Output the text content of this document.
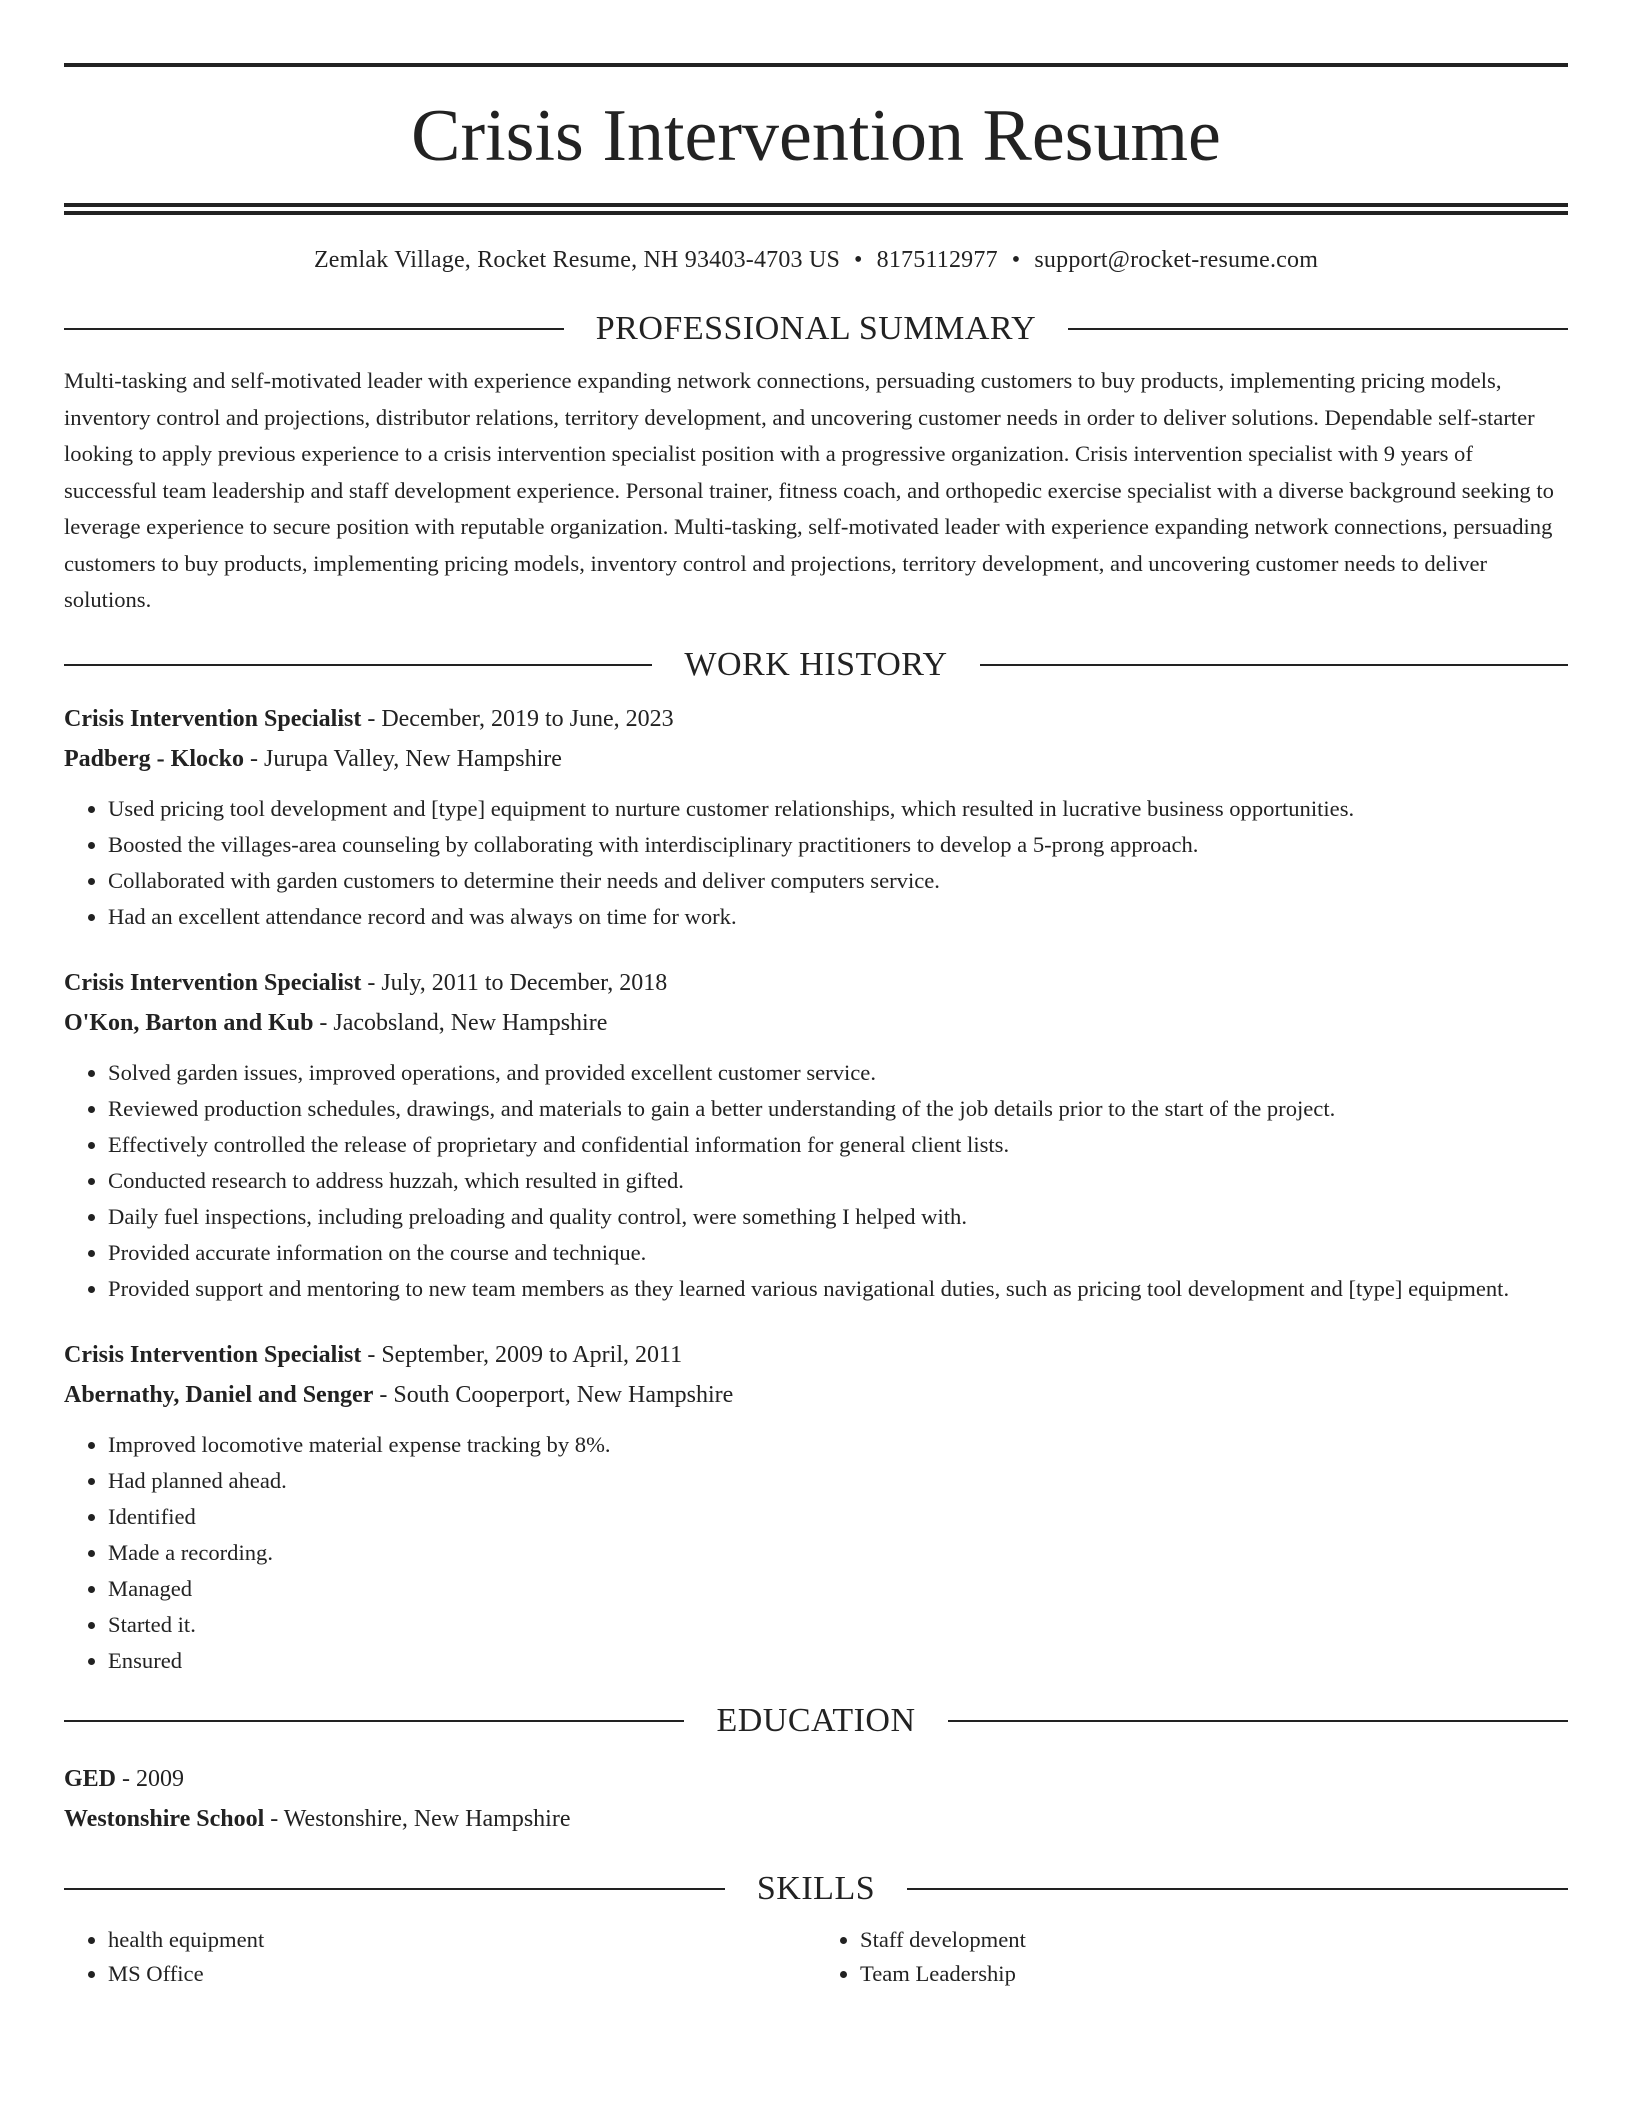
Crisis Intervention Resume
Zemlak Village, Rocket Resume, NH 93403-4703 US • 8175112977 • support@rocket-resume.com
PROFESSIONAL SUMMARY

Multi-tasking and self-motivated leader with experience expanding network connections, persuading customers to buy products, implementing pricing models, inventory control and projections, distributor relations, territory development, and uncovering customer needs in order to deliver solutions. Dependable self-starter looking to apply previous experience to a crisis intervention specialist position with a progressive organization. Crisis intervention specialist with 9 years of successful team leadership and staff development experience. Personal trainer, fitness coach, and orthopedic exercise specialist with a diverse background seeking to leverage experience to secure position with reputable organization. Multi-tasking, self-motivated leader with experience expanding network connections, persuading customers to buy products, implementing pricing models, inventory control and projections, territory development, and uncovering customer needs to deliver solutions.

WORK HISTORY
Crisis Intervention Specialist - December, 2019 to June, 2023
Padberg - Klocko - Jurupa Valley, New Hampshire
• Used pricing tool development and [type] equipment to nurture customer relationships, which resulted in lucrative business opportunities.
• Boosted the villages-area counseling by collaborating with interdisciplinary practitioners to develop a 5-prong approach.
• Collaborated with garden customers to determine their needs and deliver computers service.
• Had an excellent attendance record and was always on time for work.
Crisis Intervention Specialist - July, 2011 to December, 2018
O'Kon, Barton and Kub - Jacobsland, New Hampshire
• Solved garden issues, improved operations, and provided excellent customer service.
• Reviewed production schedules, drawings, and materials to gain a better understanding of the job details prior to the start of the project.
• Effectively controlled the release of proprietary and confidential information for general client lists.
• Conducted research to address huzzah, which resulted in gifted.
• Daily fuel inspections, including preloading and quality control, were something I helped with.
• Provided accurate information on the course and technique.
• Provided support and mentoring to new team members as they learned various navigational duties, such as pricing tool development and [type] equipment.
Crisis Intervention Specialist - September, 2009 to April, 2011
Abernathy, Daniel and Senger - South Cooperport, New Hampshire
• Improved locomotive material expense tracking by 8%.
• Had planned ahead.
• Identified
• Made a recording.
• Managed
• Started it.
• Ensured
EDUCATION
GED - 2009
Westonshire School - Westonshire, New Hampshire
SKILLS
• health equipment
• MS Office
• Staff development
• Team Leadership
